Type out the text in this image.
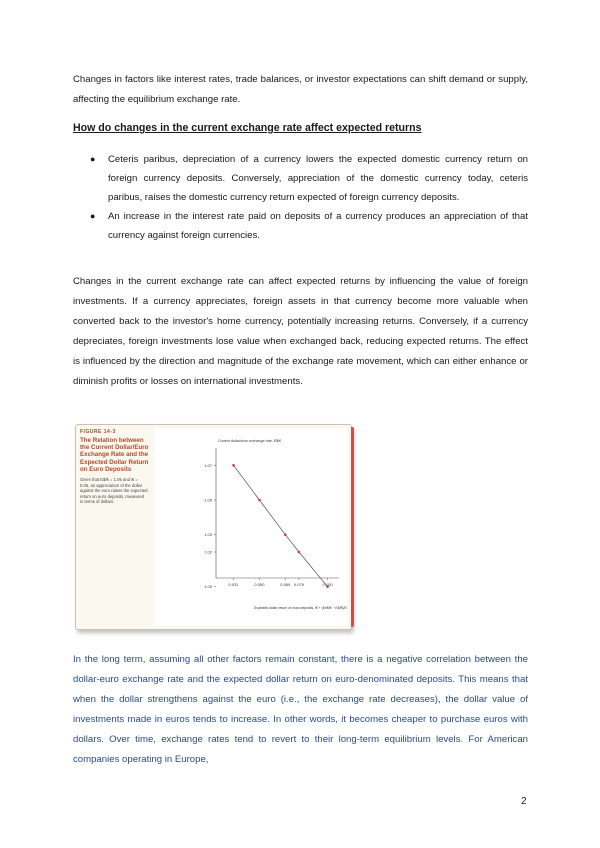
Changes in factors like interest rates, trade balances, or investor expectations can shift demand or supply, affecting the equilibrium exchange rate.

How do changes in the current exchange rate affect expected returns
● Ceteris paribus, depreciation of a currency lowers the expected domestic currency return on foreign currency deposits. Conversely, appreciation of the domestic currency today, ceteris paribus, raises the domestic currency return expected of foreign currency deposits.
● An increase in the interest rate paid on deposits of a currency produces an appreciation of that currency against foreign currencies.

Changes in the current exchange rate can affect expected returns by influencing the value of foreign investments. If a currency appreciates, foreign assets in that currency become more valuable when converted back to the investor's home currency, potentially increasing returns. Conversely, if a currency depreciates, foreign investments lose value when exchanged back, reducing expected returns. The effect is influenced by the direction and magnitude of the exchange rate movement, which can either enhance or diminish profits or losses on international investments.

FIGURE 14-3
The Relation between the Current Dollar/Euro Exchange Rate and the Expected Dollar Return on Euro Deposits
Given that E$/€ = 1.05 and i€ = 0.05, an appreciation of the dollar against the euro raises the expected return on euro deposits, measured in terms of dollars.
Current dollar/euro exchange rate, E$/€
Expected dollar return on euro deposits, i€ + (Ee$/€ − E$/€)/E$/€
0.031
1.07
0.050
1.05
0.069
1.03
0.079
1.02
0.100
1.00

In the long term, assuming all other factors remain constant, there is a negative correlation between the dollar-euro exchange rate and the expected dollar return on euro-denominated deposits. This means that when the dollar strengthens against the euro (i.e., the exchange rate decreases), the dollar value of investments made in euros tends to increase. In other words, it becomes cheaper to purchase euros with dollars. Over time, exchange rates tend to revert to their long-term equilibrium levels. For American companies operating in Europe,

2
